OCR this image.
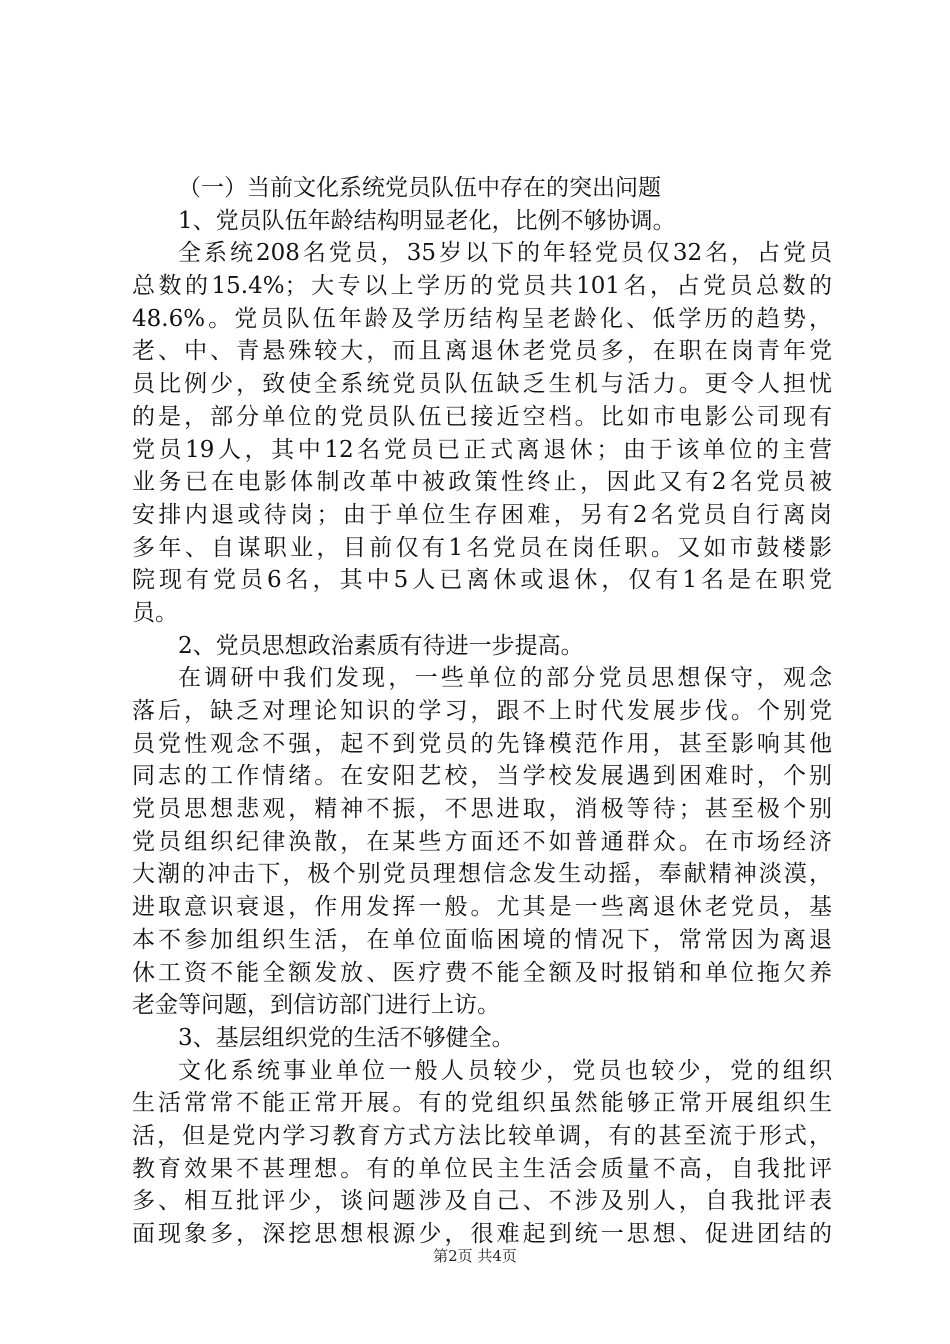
（一）当前文化系统党员队伍中存在的突出问题
1、党员队伍年龄结构明显老化，比例不够协调。
全系统208名党员，35岁以下的年轻党员仅32名，占党员
总数的15.4%；大专以上学历的党员共101名，占党员总数的
48.6%。党员队伍年龄及学历结构呈老龄化、低学历的趋势，
老、中、青悬殊较大，而且离退休老党员多，在职在岗青年党
员比例少，致使全系统党员队伍缺乏生机与活力。更令人担忧
的是，部分单位的党员队伍已接近空档。比如市电影公司现有
党员19人，其中12名党员已正式离退休；由于该单位的主营
业务已在电影体制改革中被政策性终止，因此又有2名党员被
安排内退或待岗；由于单位生存困难，另有2名党员自行离岗
多年、自谋职业，目前仅有1名党员在岗任职。又如市鼓楼影
院现有党员6名，其中5人已离休或退休，仅有1名是在职党
员。
2、党员思想政治素质有待进一步提高。
在调研中我们发现，一些单位的部分党员思想保守，观念
落后，缺乏对理论知识的学习，跟不上时代发展步伐。个别党
员党性观念不强，起不到党员的先锋模范作用，甚至影响其他
同志的工作情绪。在安阳艺校，当学校发展遇到困难时，个别
党员思想悲观，精神不振，不思进取，消极等待；甚至极个别
党员组织纪律涣散，在某些方面还不如普通群众。在市场经济
大潮的冲击下，极个别党员理想信念发生动摇，奉献精神淡漠，
进取意识衰退，作用发挥一般。尤其是一些离退休老党员，基
本不参加组织生活，在单位面临困境的情况下，常常因为离退
休工资不能全额发放、医疗费不能全额及时报销和单位拖欠养
老金等问题，到信访部门进行上访。
3、基层组织党的生活不够健全。
文化系统事业单位一般人员较少，党员也较少，党的组织
生活常常不能正常开展。有的党组织虽然能够正常开展组织生
活，但是党内学习教育方式方法比较单调，有的甚至流于形式，
教育效果不甚理想。有的单位民主生活会质量不高，自我批评
多、相互批评少，谈问题涉及自己、不涉及别人，自我批评表
面现象多，深挖思想根源少，很难起到统一思想、促进团结的
第2页 共4页
